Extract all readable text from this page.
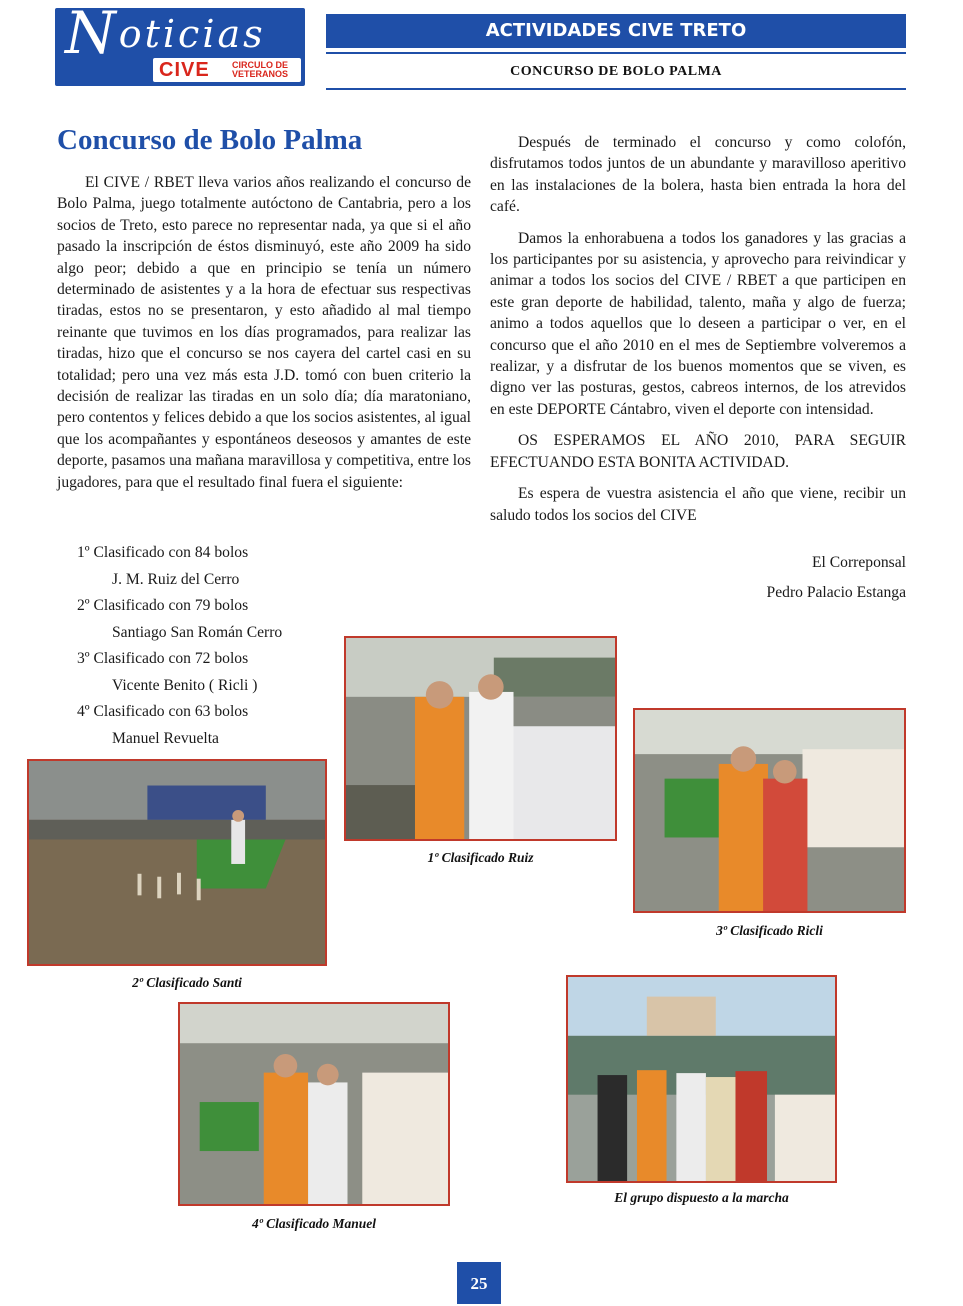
Noticias
CIVE	CIRCULO DE
VETERANOS
ACTIVIDADES CIVE TRETO
CONCURSO DE BOLO PALMA
Concurso de Bolo Palma

El CIVE / RBET lleva varios años realizando el concurso de Bolo Palma, juego totalmente autóctono de Cantabria, pero a los socios de Treto, esto parece no representar nada, ya que si el año pasado la inscripción de éstos disminuyó, este año 2009 ha sido algo peor; debido a que en principio se tenía un número determinado de asistentes y a la hora de efectuar sus respectivas tiradas, estos no se presentaron, y esto añadido al mal tiempo reinante que tuvimos en los días programados, para realizar las tiradas, hizo que el concurso se nos cayera del cartel casi en su totalidad; pero una vez más esta J.D. tomó con buen criterio la decisión de realizar las tiradas en un solo día; día maratoniano, pero contentos y felices debido a que los socios asistentes, al igual que los acompañantes y espontáneos deseosos y amantes de este deporte, pasamos una mañana maravillosa y competitiva, entre los jugadores, para que el resultado final fuera el siguiente:

1º Clasificado con 84 bolos
J. M. Ruiz del Cerro
2º Clasificado con 79 bolos
Santiago San Román Cerro
3º Clasificado con 72 bolos
Vicente Benito ( Ricli )
4º Clasificado con 63 bolos
Manuel Revuelta

Después de terminado el concurso y como colofón, disfrutamos todos juntos de un abundante y maravilloso aperitivo en las instalaciones de la bolera, hasta bien entrada la hora del café.

Damos la enhorabuena a todos los ganadores y las gracias a los participantes por su asistencia, y aprovecho para reivindicar y animar a todos los socios del CIVE / RBET a que participen en este gran deporte de habilidad, talento, maña y algo de fuerza; animo a todos aquellos que lo deseen a participar o ver, en el concurso que el año 2010 en el mes de Septiembre volveremos a realizar, y a disfrutar de los buenos momentos que se viven, es digno ver las posturas, gestos, cabreos internos, de los atrevidos en este DEPORTE Cántabro, viven el deporte con intensidad.

OS ESPERAMOS EL AÑO 2010, PARA SEGUIR EFECTUANDO ESTA BONITA ACTIVIDAD.

Es espera de vuestra asistencia el año que viene, recibir un saludo todos los socios del CIVE

El Correponsal
Pedro Palacio Estanga
1º Clasificado Ruiz
3º Clasificado Ricli
2º Clasificado Santi
4º Clasificado Manuel
El grupo dispuesto a la marcha
25
